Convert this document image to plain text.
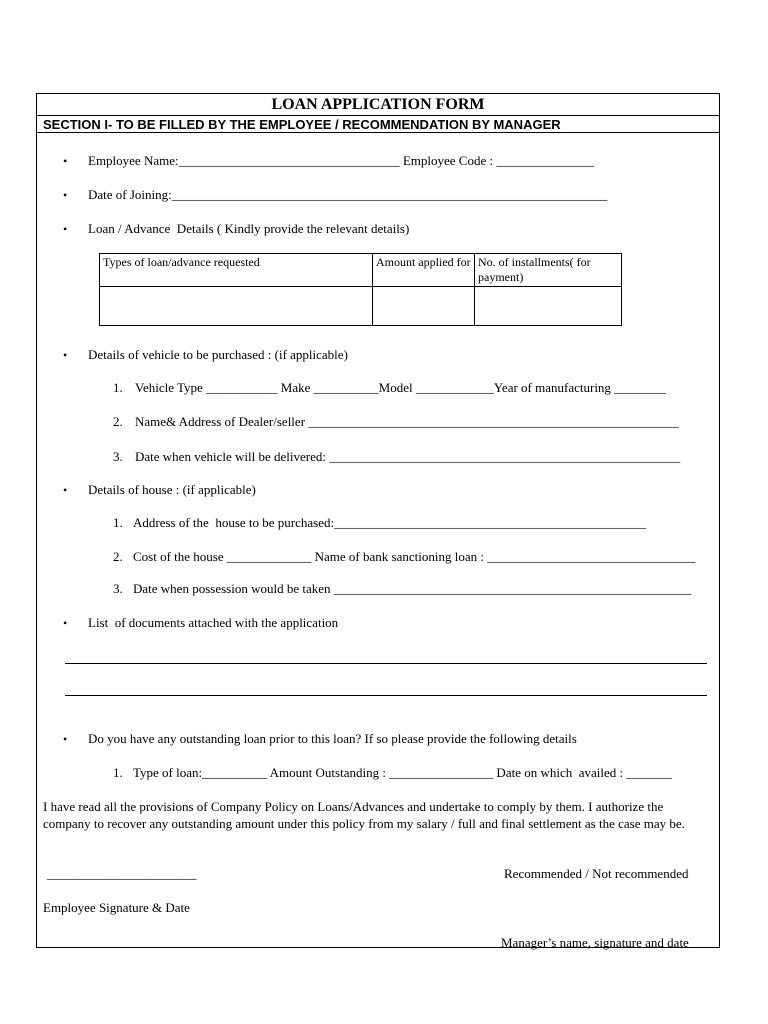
LOAN APPLICATION FORM
SECTION I- TO BE FILLED BY THE EMPLOYEE / RECOMMENDATION BY MANAGER
• Employee Name:__________________________________ Employee Code : _______________
• Date of Joining:___________________________________________________________________
• Loan / Advance  Details ( Kindly provide the relevant details)
Types of loan/advance requested	Amount applied for	No. of installments( for payment)

• Details of vehicle to be purchased : (if applicable)
1. Vehicle Type ___________ Make __________Model ____________Year of manufacturing ________
2. Name& Address of Dealer/seller _________________________________________________________
3. Date when vehicle will be delivered: ______________________________________________________
• Details of house : (if applicable)
1. Address of the  house to be purchased:________________________________________________
2. Cost of the house _____________ Name of bank sanctioning loan : ________________________________
3. Date when possession would be taken _______________________________________________________
• List  of documents attached with the application
• Do you have any outstanding loan prior to this loan? If so please provide the following details
1. Type of loan:__________ Amount Outstanding : ________________ Date on which  availed : _______
I have read all the provisions of Company Policy on Loans/Advances and undertake to comply by them. I authorize the company to recover any outstanding amount under this policy from my salary / full and final settlement as the case may be.
_______________________	Recommended / Not recommended
Employee Signature & Date
Manager’s name, signature and date
